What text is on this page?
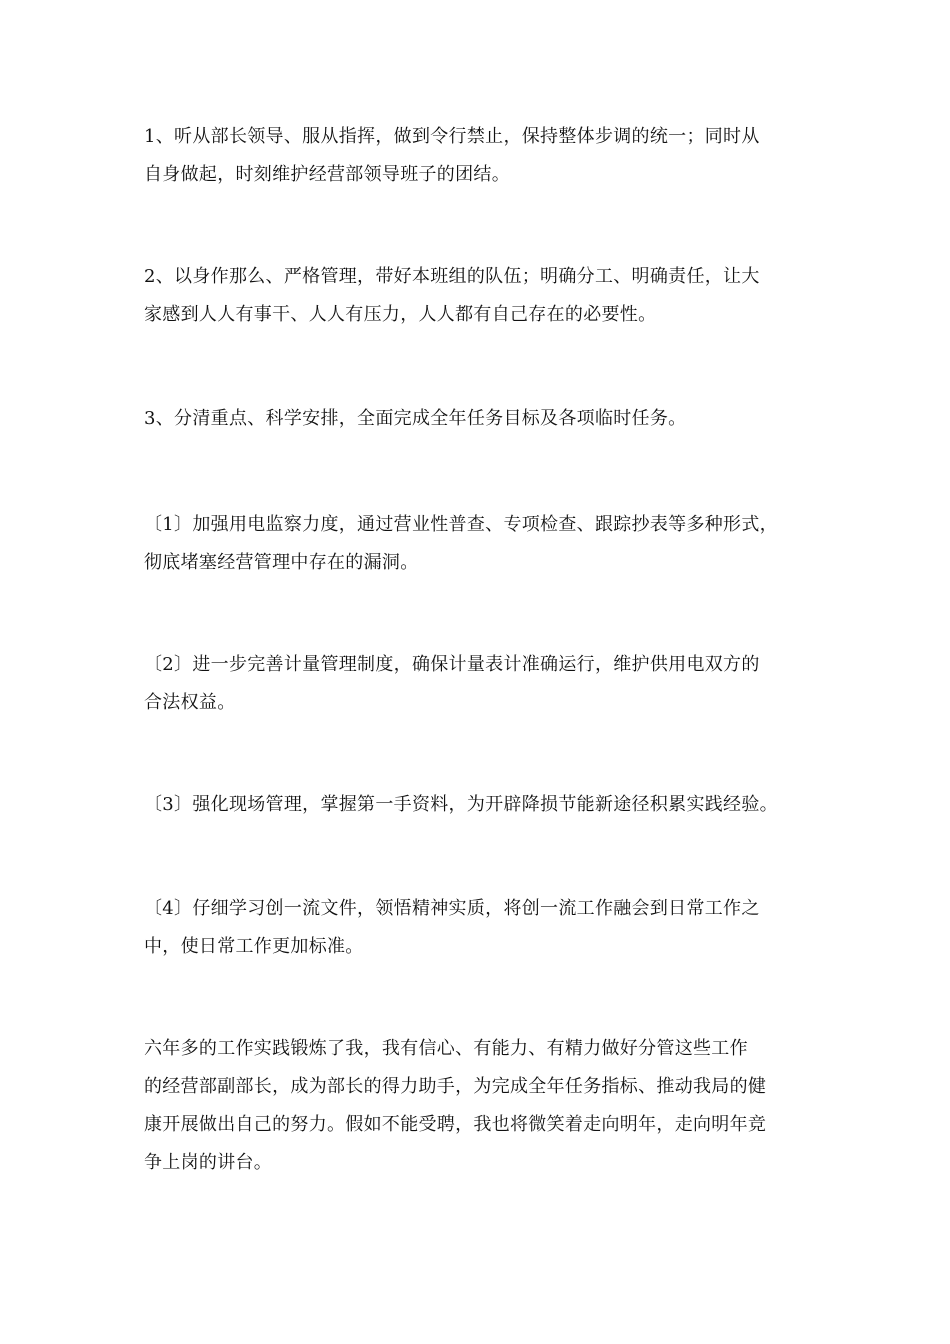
1、听从部长领导、服从指挥，做到令行禁止，保持整体步调的统一；同时从
自身做起，时刻维护经营部领导班子的团结。

2、以身作那么、严格管理，带好本班组的队伍；明确分工、明确责任，让大
家感到人人有事干、人人有压力，人人都有自己存在的必要性。

3、分清重点、科学安排，全面完成全年任务目标及各项临时任务。

〔1〕加强用电监察力度，通过营业性普查、专项检查、跟踪抄表等多种形式，
彻底堵塞经营管理中存在的漏洞。

〔2〕进一步完善计量管理制度，确保计量表计准确运行，维护供用电双方的
合法权益。

〔3〕强化现场管理，掌握第一手资料，为开辟降损节能新途径积累实践经验。

〔4〕仔细学习创一流文件，领悟精神实质，将创一流工作融会到日常工作之
中，使日常工作更加标准。

六年多的工作实践锻炼了我，我有信心、有能力、有精力做好分管这些工作
的经营部副部长，成为部长的得力助手，为完成全年任务指标、推动我局的健
康开展做出自己的努力。假如不能受聘，我也将微笑着走向明年，走向明年竞
争上岗的讲台。
